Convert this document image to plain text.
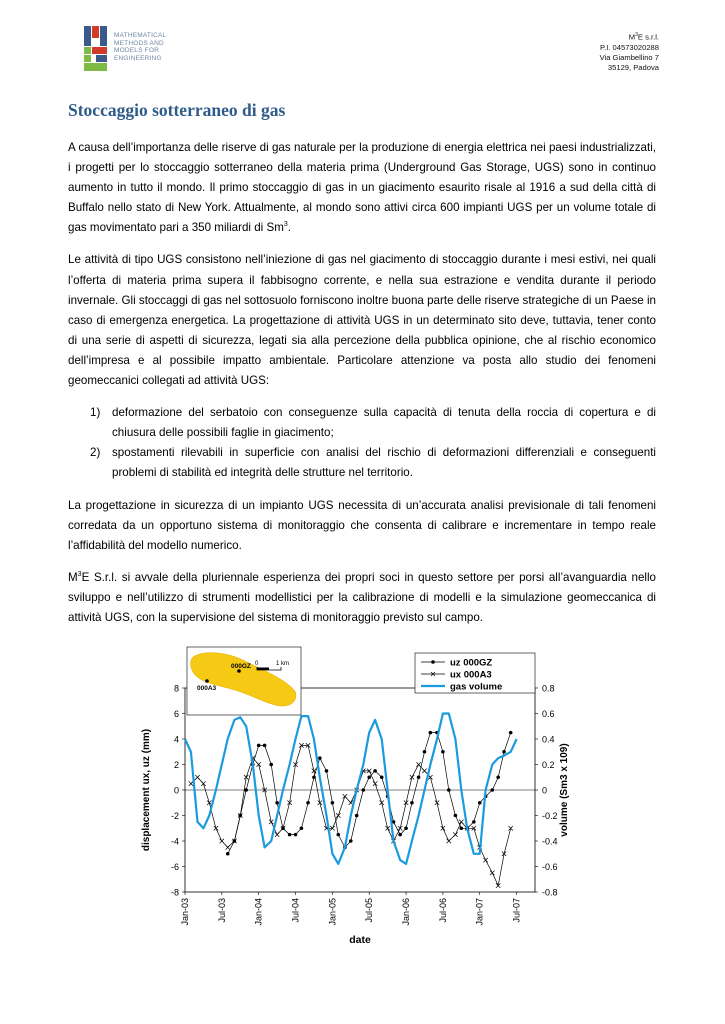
MATHEMATICAL
METHODS AND
MODELS FOR
ENGINEERING
$M^3E$ s.r.l.
P.I. 04573020288
Via Giambellino 7
35129, Padova
Stoccaggio sotterraneo di gas

A causa dell’importanza delle riserve di gas naturale per la produzione di energia elettrica nei paesi industrializzati, i progetti per lo stoccaggio sotterraneo della materia prima (Underground Gas Storage, UGS) sono in continuo aumento in tutto il mondo. Il primo stoccaggio di gas in un giacimento esaurito risale al 1916 a sud della città di Buffalo nello stato di New York. Attualmente, al mondo sono attivi circa 600 impianti UGS per un volume totale di gas movimentato pari a 350 miliardi di Sm$^3$.

Le attività di tipo UGS consistono nell’iniezione di gas nel giacimento di stoccaggio durante i mesi estivi, nei quali l’offerta di materia prima supera il fabbisogno corrente, e nella sua estrazione e vendita durante il periodo invernale. Gli stoccaggi di gas nel sottosuolo forniscono inoltre buona parte delle riserve strategiche di un Paese in caso di emergenza energetica. La progettazione di attività UGS in un determinato sito deve, tuttavia, tener conto di una serie di aspetti di sicurezza, legati sia alla percezione della pubblica opinione, che al rischio economico dell’impresa e al possibile impatto ambientale. Particolare attenzione va posta allo studio dei fenomeni geomeccanici collegati ad attività UGS:

1) deformazione del serbatoio con conseguenze sulla capacità di tenuta della roccia di copertura e di chiusura delle possibili faglie in giacimento;
2) spostamenti rilevabili in superficie con analisi del rischio di deformazioni differenziali e conseguenti problemi di stabilità ed integrità delle strutture nel territorio.

La progettazione in sicurezza di un impianto UGS necessita di un’accurata analisi previsionale di tali fenomeni corredata da un opportuno sistema di monitoraggio che consenta di calibrare e incrementare in tempo reale l’affidabilità del modello numerico.

$M^3E$ S.r.l. si avvale della pluriennale esperienza dei propri soci in questo settore per porsi all’avanguardia nello sviluppo e nell’utilizzo di strumenti modellistici per la calibrazione di modelli e la simulazione geomeccanica di attività UGS, con la supervisione del sistema di monitoraggio previsto sul campo.

8
6
4
2
0
-2
-4
-6
-8
0.8
0.6
0.4
0.2
0
-0.2
-0.4
-0.6
-0.8
Jan-03	Jul-03	Jan-04	Jul-04	Jan-05	Jul-05	Jan-06	Jul-06	Jan-07	Jul-07
date
displacement ux, uz (mm)	volume (Sm3 x 109)
uz 000GZ
ux 000A3
gas volume
000GZ
000A3
0	1 km
